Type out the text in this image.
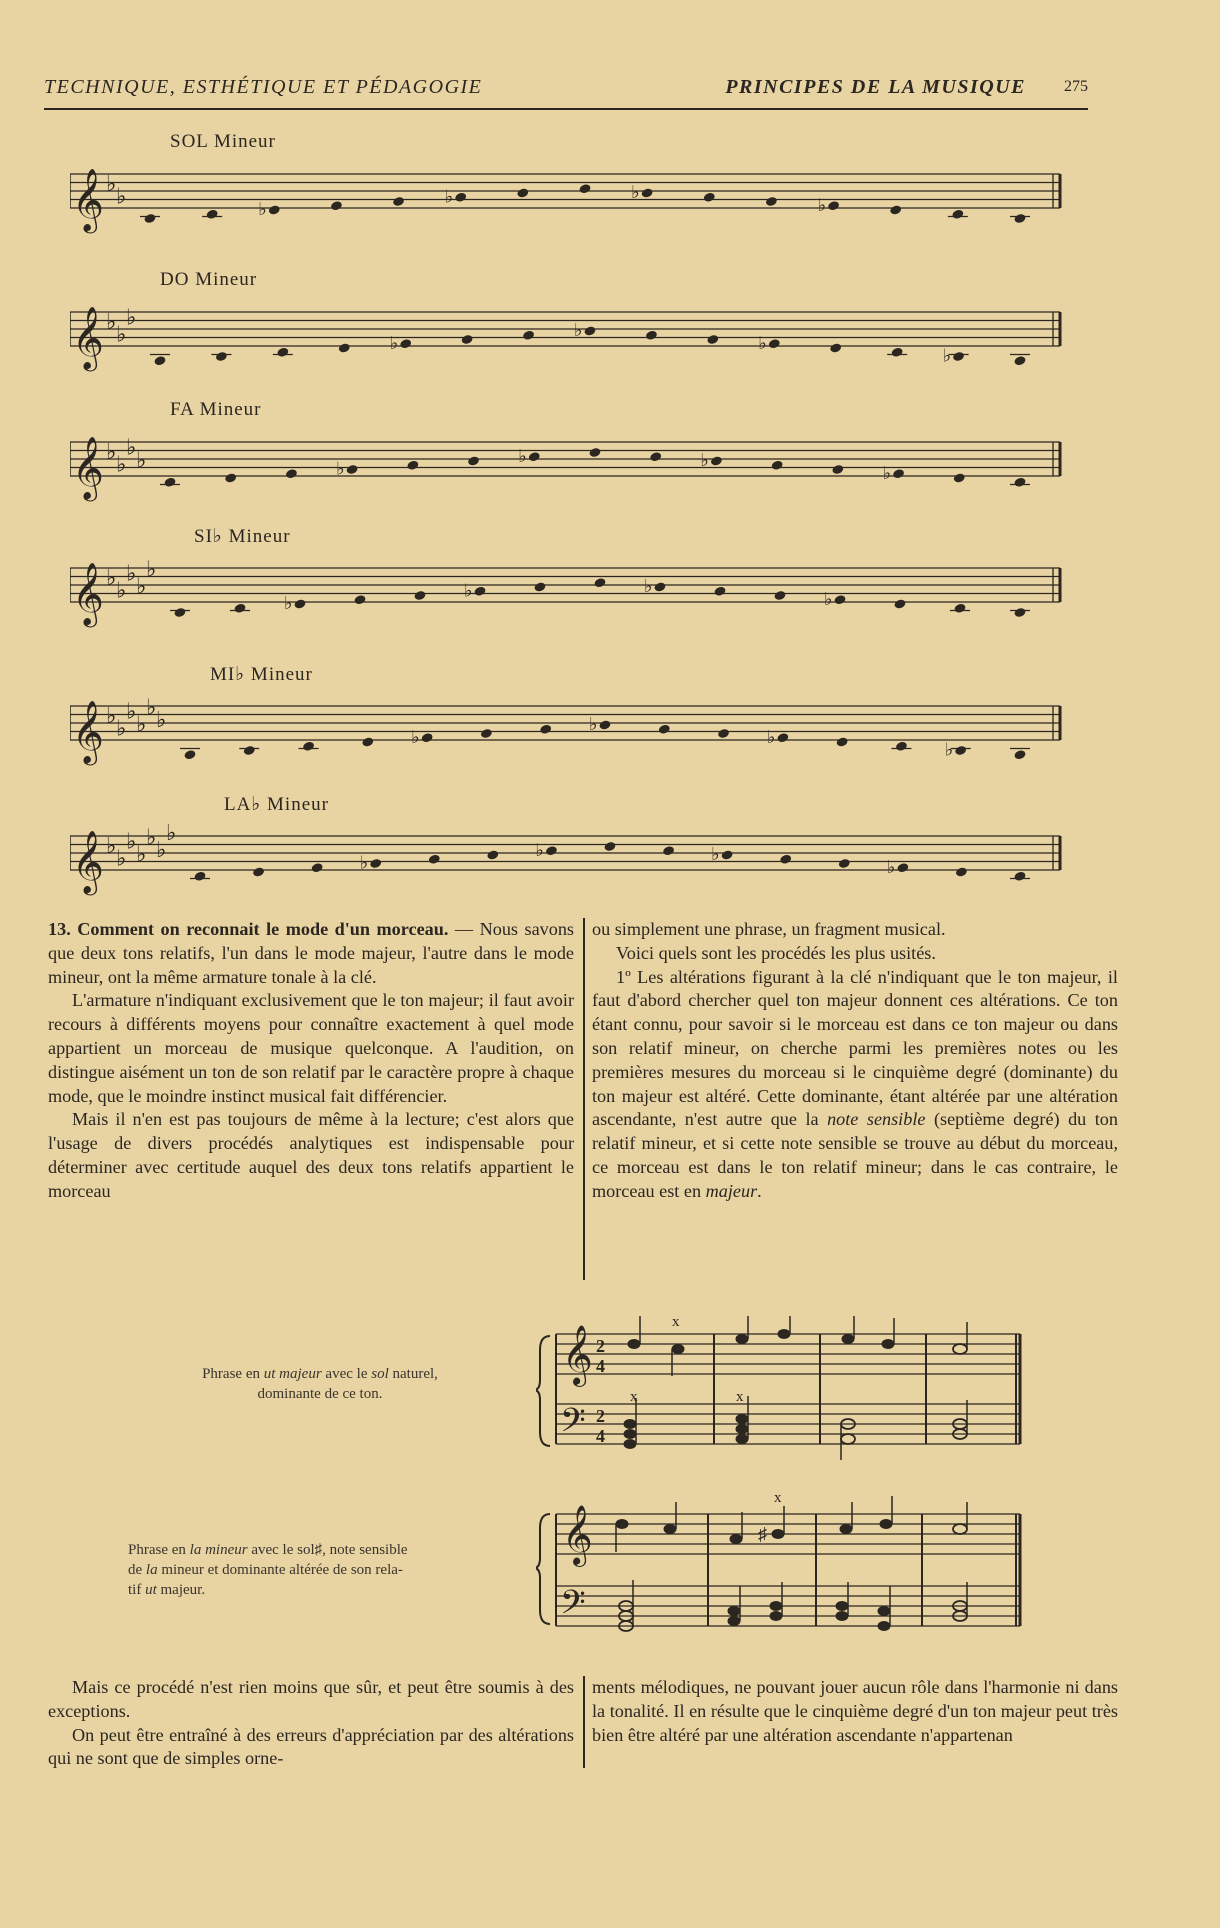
TECHNIQUE, ESTHÉTIQUE ET PÉDAGOGIE	PRINCIPES DE LA MUSIQUE 275
SOL Mineur
𝄞 ♭
♭
♭
♭	♭
♭
DO Mineur
𝄞 ♭
♭
♭
♭
♭
♭
♭
FA Mineur
𝄞 ♭
♭
♭
♭	♭
♭	♭
♭
SI♭ Mineur
𝄞 ♭
♭
♭
♭
♭
♭
♭	♭
♭
MI♭ Mineur
𝄞 ♭
♭
♭
♭
♭
♭
♭
♭
♭
♭
LA♭ Mineur
𝄞 ♭
♭
♭
♭
♭
♭
♭
♭
♭	♭
♭

13. Comment on reconnait le mode d'un morceau. — Nous savons que deux tons relatifs, l'un dans le mode majeur, l'autre dans le mode mineur, ont la même armature tonale à la clé.

L'armature n'indiquant exclusivement que le ton majeur; il faut avoir recours à différents moyens pour connaître exactement à quel mode appartient un morceau de musique quelconque. A l'audition, on distingue aisément un ton de son relatif par le caractère propre à chaque mode, que le moindre instinct musical fait différencier.

Mais il n'en est pas toujours de même à la lecture; c'est alors que l'usage de divers procédés analytiques est indispensable pour déterminer avec certitude auquel des deux tons relatifs appartient le morceau

ou simplement une phrase, un fragment musical.

Voici quels sont les procédés les plus usités.

1º Les altérations figurant à la clé n'indiquant que le ton majeur, il faut d'abord chercher quel ton majeur donnent ces altérations. Ce ton étant connu, pour savoir si le morceau est dans ce ton majeur ou dans son relatif mineur, on cherche parmi les premières notes ou les premières mesures du morceau si le cinquième degré (dominante) du ton majeur est altéré. Cette dominante, étant altérée par une altération ascendante, n'est autre que la note sensible (septième degré) du ton relatif mineur, et si cette note sensible se trouve au début du morceau, ce morceau est dans le ton relatif mineur; dans le cas contraire, le morceau est en majeur.

Phrase en ut majeur avec le sol naturel,
dominante de ce ton.
𝄞
𝄢
2
4
2
4
x
x	x
Phrase en la mineur avec le sol♯, note sensible
de la mineur et dominante altérée de son rela-
tif ut majeur.
𝄞
𝄢
♯
x

Mais ce procédé n'est rien moins que sûr, et peut être soumis à des exceptions.

On peut être entraîné à des erreurs d'appréciation par des altérations qui ne sont que de simples orne-

ments mélodiques, ne pouvant jouer aucun rôle dans l'harmonie ni dans la tonalité. Il en résulte que le cinquième degré d'un ton majeur peut très bien être altéré par une altération ascendante n'appartenan
